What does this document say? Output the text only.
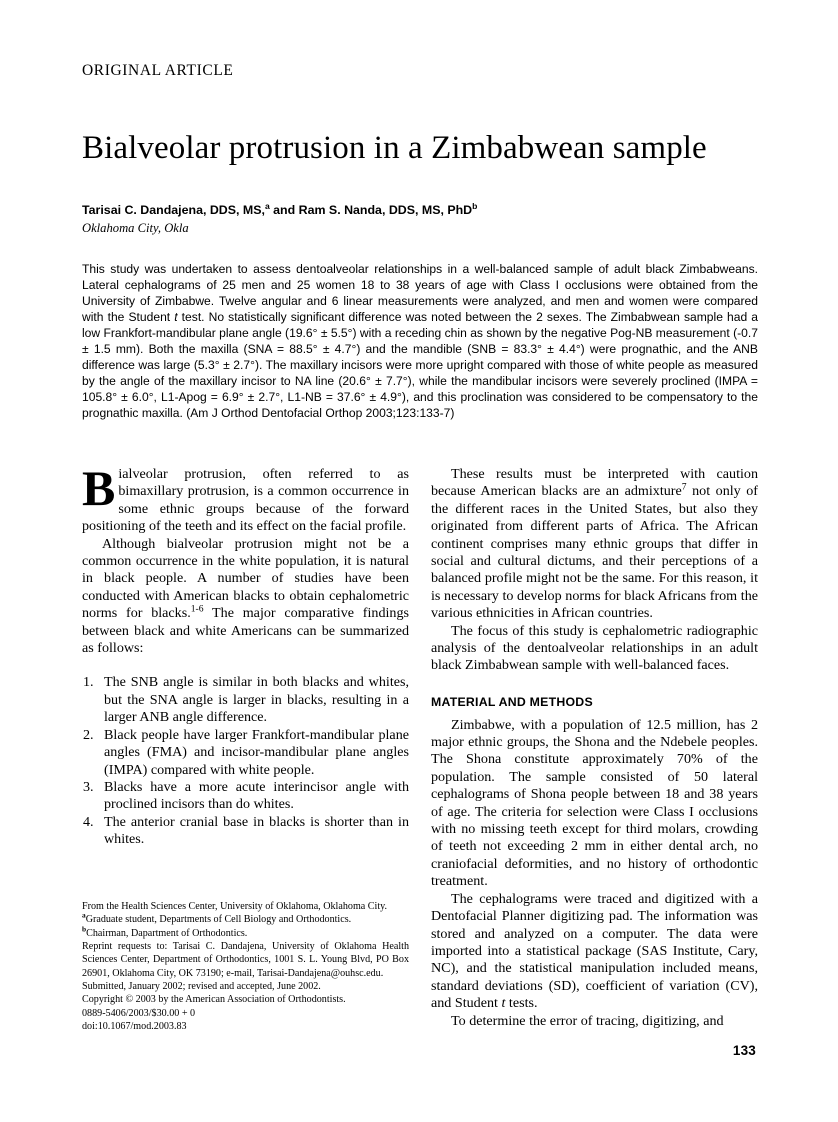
ORIGINAL ARTICLE
Bialveolar protrusion in a Zimbabwean sample
Tarisai C. Dandajena, DDS, MS,$^a$ and Ram S. Nanda, DDS, MS, PhD$^b$
Oklahoma City, Okla
This study was undertaken to assess dentoalveolar relationships in a well-balanced sample of adult black Zimbabweans. Lateral cephalograms of 25 men and 25 women 18 to 38 years of age with Class I occlusions were obtained from the University of Zimbabwe. Twelve angular and 6 linear measurements were analyzed, and men and women were compared with the Student t test. No statistically significant difference was noted between the 2 sexes. The Zimbabwean sample had a low Frankfort-mandibular plane angle (19.6° ± 5.5°) with a receding chin as shown by the negative Pog-NB measurement (-0.7 ± 1.5 mm). Both the maxilla (SNA = 88.5° ± 4.7°) and the mandible (SNB = 83.3° ± 4.4°) were prognathic, and the ANB difference was large (5.3° ± 2.7°). The maxillary incisors were more upright compared with those of white people as measured by the angle of the maxillary incisor to NA line (20.6° ± 7.7°), while the mandibular incisors were severely proclined (IMPA = 105.8° ± 6.0°, L1-Apog = 6.9° ± 2.7°, L1-NB = 37.6° ± 4.9°), and this proclination was considered to be compensatory to the prognathic maxilla. (Am J Orthod Dentofacial Orthop 2003;123:133-7)

Bialveolar protrusion, often referred to as bimaxillary protrusion, is a common occurrence in some ethnic groups because of the forward positioning of the teeth and its effect on the facial profile.

Although bialveolar protrusion might not be a common occurrence in the white population, it is natural in black people. A number of studies have been conducted with American blacks to obtain cephalometric norms for blacks.$^{1-6}$ The major comparative findings between black and white Americans can be summarized as follows:

The SNB angle is similar in both blacks and whites, but the SNA angle is larger in blacks, resulting in a larger ANB angle difference.
Black people have larger Frankfort-mandibular plane angles (FMA) and incisor-mandibular plane angles (IMPA) compared with white people.
Blacks have a more acute interincisor angle with proclined incisors than do whites.
The anterior cranial base in blacks is shorter than in whites.

These results must be interpreted with caution because American blacks are an admixture$^7$ not only of the different races in the United States, but also they originated from different parts of Africa. The African continent comprises many ethnic groups that differ in social and cultural dictums, and their perceptions of a balanced profile might not be the same. For this reason, it is necessary to develop norms for black Africans from the various ethnicities in African countries.

The focus of this study is cephalometric radiographic analysis of the dentoalveolar relationships in an adult black Zimbabwean sample with well-balanced faces.

MATERIAL AND METHODS

Zimbabwe, with a population of 12.5 million, has 2 major ethnic groups, the Shona and the Ndebele peoples. The Shona constitute approximately 70% of the population. The sample consisted of 50 lateral cephalograms of Shona people between 18 and 38 years of age. The criteria for selection were Class I occlusions with no missing teeth except for third molars, crowding of teeth not exceeding 2 mm in either dental arch, no craniofacial deformities, and no history of orthodontic treatment.

The cephalograms were traced and digitized with a Dentofacial Planner digitizing pad. The information was stored and analyzed on a computer. The data were imported into a statistical package (SAS Institute, Cary, NC), and the statistical manipulation included means, standard deviations (SD), coefficient of variation (CV), and Student t tests.

To determine the error of tracing, digitizing, and

From the Health Sciences Center, University of Oklahoma, Oklahoma City.

$^a$Graduate student, Departments of Cell Biology and Orthodontics.

$^b$Chairman, Dapartment of Orthodontics.

Reprint requests to: Tarisai C. Dandajena, University of Oklahoma Health Sciences Center, Department of Orthodontics, 1001 S. L. Young Blvd, PO Box 26901, Oklahoma City, OK 73190; e-mail, Tarisai-Dandajena@ouhsc.edu.

Submitted, January 2002; revised and accepted, June 2002.

Copyright © 2003 by the American Association of Orthodontists.

0889-5406/2003/$30.00 + 0

doi:10.1067/mod.2003.83

133
